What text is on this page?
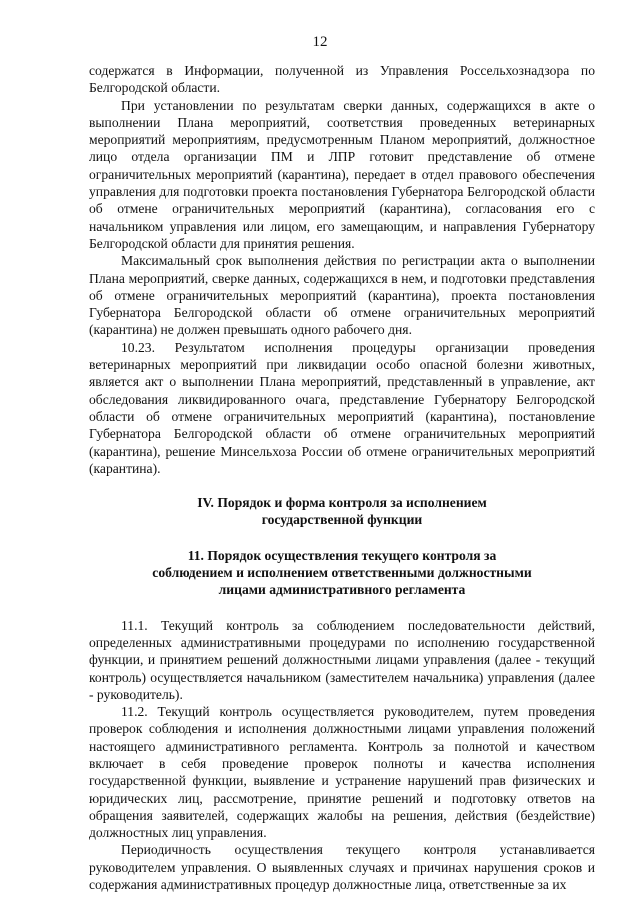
12

содержатся в Информации, полученной из Управления Россельхознадзора по Белгородской области.

При установлении по результатам сверки данных, содержащихся в акте о выполнении Плана мероприятий, соответствия проведенных ветеринарных мероприятий мероприятиям, предусмотренным Планом мероприятий, должностное лицо отдела организации ПМ и ЛПР готовит представление об отмене ограничительных мероприятий (карантина), передает в отдел правового обеспечения управления для подготовки проекта постановления Губернатора Белгородской области об отмене ограничительных мероприятий (карантина), согласования его с начальником управления или лицом, его замещающим, и направления Губернатору Белгородской области для принятия решения.

Максимальный срок выполнения действия по регистрации акта о выполнении Плана мероприятий, сверке данных, содержащихся в нем, и подготовки представления об отмене ограничительных мероприятий (карантина), проекта постановления Губернатора Белгородской области об отмене ограничительных мероприятий (карантина) не должен превышать одного рабочего дня.

10.23. Результатом исполнения процедуры организации проведения ветеринарных мероприятий при ликвидации особо опасной болезни животных, является акт о выполнении Плана мероприятий, представленный в управление, акт обследования ликвидированного очага, представление Губернатору Белгородской области об отмене ограничительных мероприятий (карантина), постановление Губернатора Белгородской области об отмене ограничительных мероприятий (карантина), решение Минсельхоза России об отмене ограничительных мероприятий (карантина).

IV. Порядок и форма контроля за исполнением

государственной функции

11. Порядок осуществления текущего контроля за

соблюдением и исполнением ответственными должностными

лицами административного регламента

11.1. Текущий контроль за соблюдением последовательности действий, определенных административными процедурами по исполнению государственной функции, и принятием решений должностными лицами управления (далее - текущий контроль) осуществляется начальником (заместителем начальника) управления (далее - руководитель).

11.2. Текущий контроль осуществляется руководителем, путем проведения проверок соблюдения и исполнения должностными лицами управления положений настоящего административного регламента. Контроль за полнотой и качеством включает в себя проведение проверок полноты и качества исполнения государственной функции, выявление и устранение нарушений прав физических и юридических лиц, рассмотрение, принятие решений и подготовку ответов на обращения заявителей, содержащих жалобы на решения, действия (бездействие) должностных лиц управления.

Периодичность осуществления текущего контроля устанавливается руководителем управления. О выявленных случаях и причинах нарушения сроков и содержания административных процедур должностные лица, ответственные за их
